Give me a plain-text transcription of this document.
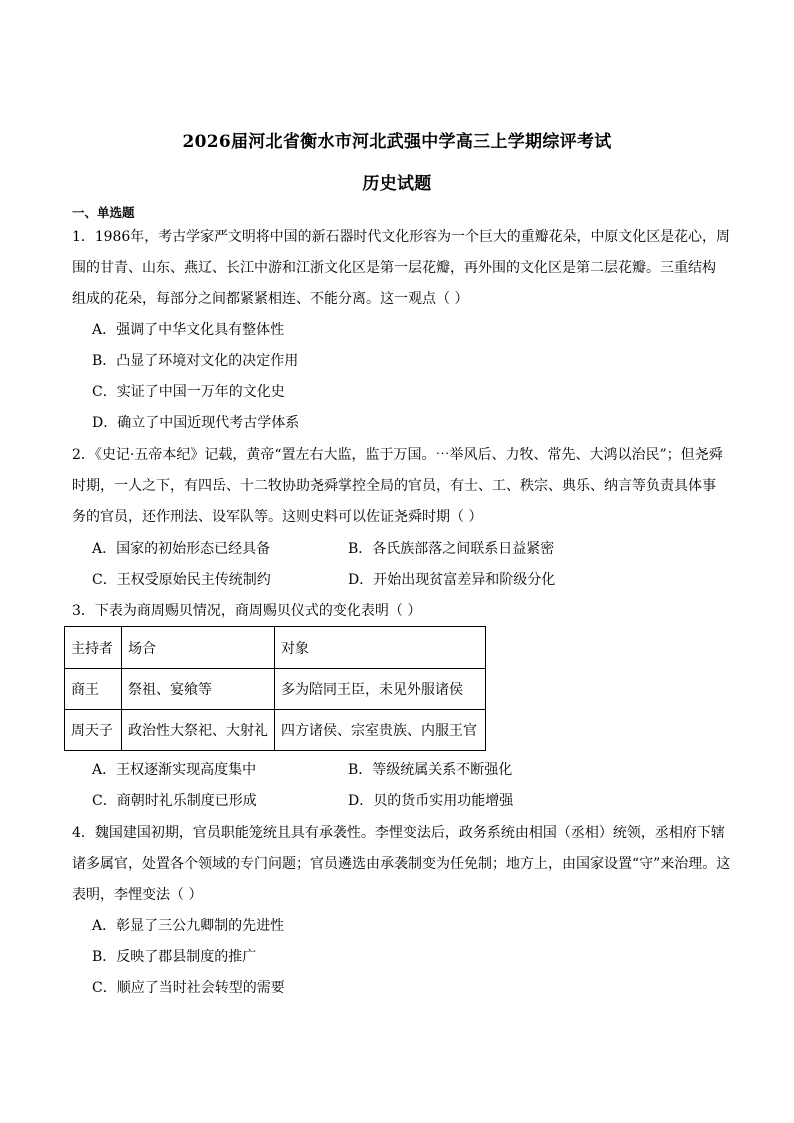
2026届河北省衡水市河北武强中学高三上学期综评考试
历史试题
一、单选题
1．1986年，考古学家严文明将中国的新石器时代文化形容为一个巨大的重瓣花朵，中原文化区是花心，周
围的甘青、山东、燕辽、长江中游和江浙文化区是第一层花瓣，再外围的文化区是第二层花瓣。三重结构
组成的花朵，每部分之间都紧紧相连、不能分离。这一观点（ ）
A．强调了中华文化具有整体性
B．凸显了环境对文化的决定作用
C．实证了中国一万年的文化史
D．确立了中国近现代考古学体系
2．《史记·五帝本纪》记载，黄帝“置左右大监，监于万国。⋯举风后、力牧、常先、大鸿以治民”；但尧舜
时期，一人之下，有四岳、十二牧协助尧舜掌控全局的官员，有士、工、秩宗、典乐、纳言等负责具体事
务的官员，还作刑法、设军队等。这则史料可以佐证尧舜时期（ ）
A．国家的初始形态已经具备	B．各氏族部落之间联系日益紧密
C．王权受原始民主传统制约	D．开始出现贫富差异和阶级分化
3．下表为商周赐贝情况，商周赐贝仪式的变化表明（ ）
主持者	场合	对象
商王	祭祖、宴飨等	多为陪同王臣，未见外服诸侯
周天子	政治性大祭祀、大射礼	四方诸侯、宗室贵族、内服王官
A．王权逐渐实现高度集中	B．等级统属关系不断强化
C．商朝时礼乐制度已形成	D．贝的货币实用功能增强
4．魏国建国初期，官员职能笼统且具有承袭性。李悝变法后，政务系统由相国（丞相）统领，丞相府下辖
诸多属官，处置各个领域的专门问题；官员遴选由承袭制变为任免制；地方上，由国家设置“守”来治理。这
表明，李悝变法（ ）
A．彰显了三公九卿制的先进性
B．反映了郡县制度的推广
C．顺应了当时社会转型的需要
